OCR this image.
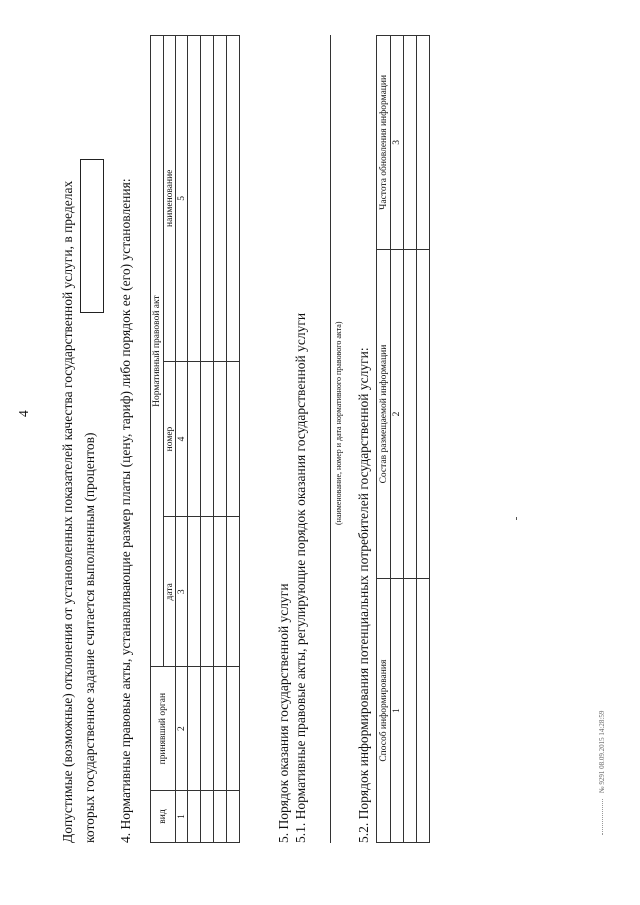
4 Допустимые (возможные) отклонения от установленных показателей качества государственной услуги, в пределах которых государственное задание считается выполненным (процентов) 4. Нормативные правовые акты, устанавливающие размер платы (цену, тариф) либо порядок ее (его) установления:	вид	принявший орган	Нормативный правовой акт		
		дата	номер	наименование
1	2	3	4	5

5. Порядок оказания государственной услуги 5.1. Нормативные правовые акты, регулирующие порядок оказания государственной услуги	(наименование, номер и дата нормативного правового акта) 5.2. Порядок информирования потенциальных потребителей государственной услуги: Способ информирования	Состав размещаемой информации	Частота обновления информации
1	2	3

№ 9291 08.09.2015 14:28:59
